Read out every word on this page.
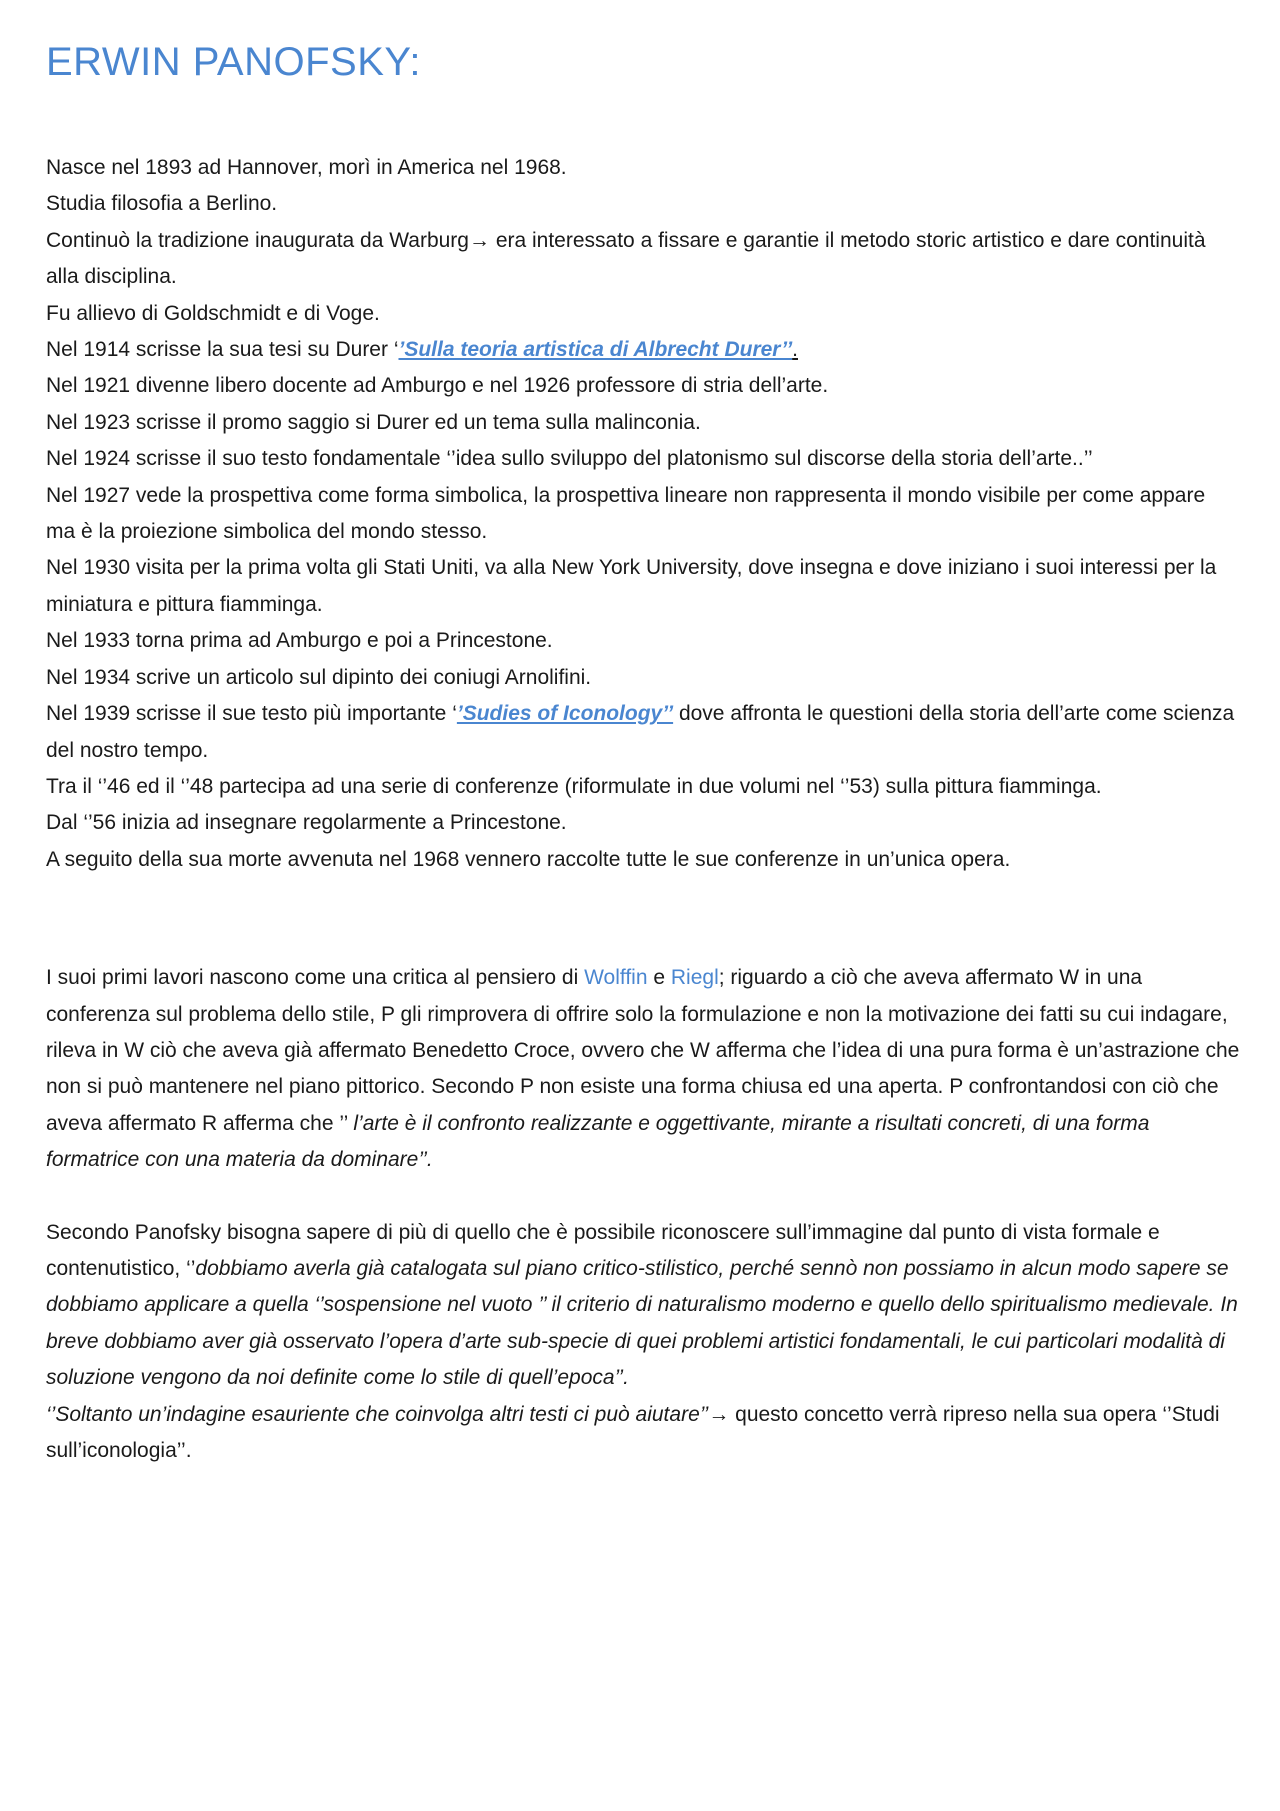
ERWIN PANOFSKY:
Nasce nel 1893 ad Hannover, morì in America nel 1968.
Studia filosofia a Berlino.
Continuò la tradizione inaugurata da Warburg→ era interessato a fissare e garantie il metodo storic artistico e dare continuità alla disciplina.
Fu allievo di Goldschmidt e di Voge.
Nel 1914 scrisse la sua tesi su Durer ‘’Sulla teoria artistica di Albrecht Durer’’.
Nel 1921 divenne libero docente ad Amburgo e nel 1926 professore di stria dell’arte.
Nel 1923 scrisse il promo saggio si Durer ed un tema sulla malinconia.
Nel 1924 scrisse il suo testo fondamentale ‘’idea sullo sviluppo del platonismo sul discorse della storia dell’arte..’’
Nel 1927 vede la prospettiva come forma simbolica, la prospettiva lineare non rappresenta il mondo visibile per come appare ma è la proiezione simbolica del mondo stesso.
Nel 1930 visita per la prima volta gli Stati Uniti, va alla New York University, dove insegna e dove iniziano i suoi interessi per la miniatura e pittura fiamminga.
Nel 1933 torna prima ad Amburgo e poi a Princestone.
Nel 1934 scrive un articolo sul dipinto dei coniugi Arnolifini.
Nel 1939 scrisse il sue testo più importante ‘’Sudies of Iconology’’ dove affronta le questioni della storia dell’arte come scienza del nostro tempo.
Tra il ‘’46 ed il ‘’48 partecipa ad una serie di conferenze (riformulate in due volumi nel ‘’53) sulla pittura fiamminga.
Dal ‘’56 inizia ad insegnare regolarmente a Princestone.
A seguito della sua morte avvenuta nel 1968 vennero raccolte tutte le sue conferenze in un’unica opera.

I suoi primi lavori nascono come una critica al pensiero di Wolffin e Riegl; riguardo a ciò che aveva affermato W in una conferenza sul problema dello stile, P gli rimprovera di offrire solo la formulazione e non la motivazione dei fatti su cui indagare, rileva in W ciò che aveva già affermato Benedetto Croce, ovvero che W afferma che l’idea di una pura forma è un’astrazione che non si può mantenere nel piano pittorico. Secondo P non esiste una forma chiusa ed una aperta. P confrontandosi con ciò che aveva affermato R afferma che ’’ l’arte è il confronto realizzante e oggettivante, mirante a risultati concreti, di una forma formatrice con una materia da dominare’’.

Secondo Panofsky bisogna sapere di più di quello che è possibile riconoscere sull’immagine dal punto di vista formale e contenutistico, ‘’dobbiamo averla già catalogata sul piano critico-stilistico, perché sennò non possiamo in alcun modo sapere se dobbiamo applicare a quella ‘’sospensione nel vuoto ’’ il criterio di naturalismo moderno e quello dello spiritualismo medievale. In breve dobbiamo aver già osservato l’opera d’arte sub-specie di quei problemi artistici fondamentali, le cui particolari modalità di soluzione vengono da noi definite come lo stile di quell’epoca’’.
‘’Soltanto un’indagine esauriente che coinvolga altri testi ci può aiutare’’→ questo concetto verrà ripreso nella sua opera ‘’Studi sull’iconologia’’.
